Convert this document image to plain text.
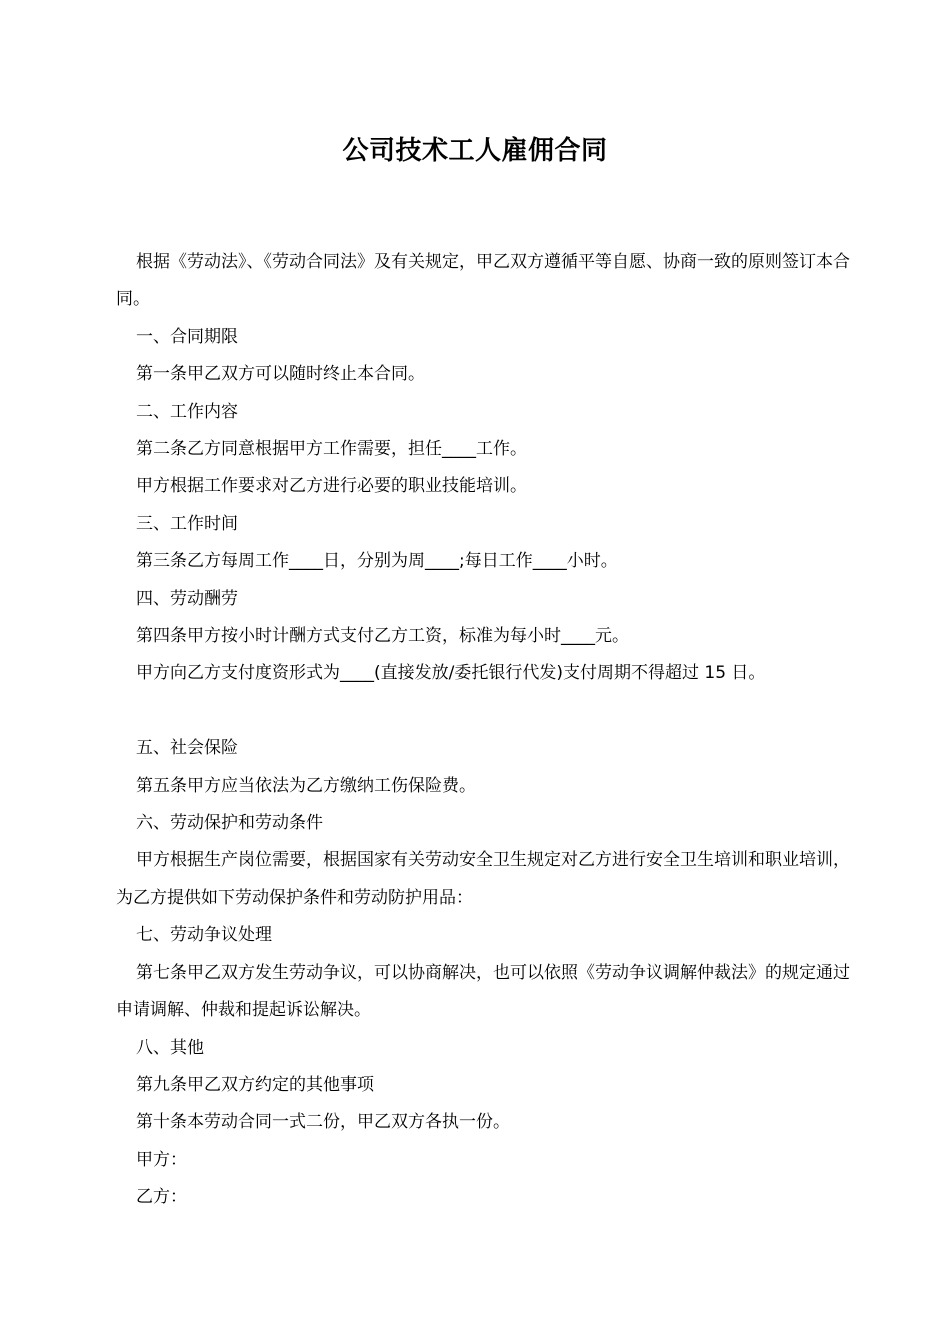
公司技术工人雇佣合同

根据《劳动法》、《劳动合同法》及有关规定，甲乙双方遵循平等自愿、协商一致的原则签订本合同。

一、合同期限

第一条甲乙双方可以随时终止本合同。

二、工作内容

第二条乙方同意根据甲方工作需要，担任____工作。

甲方根据工作要求对乙方进行必要的职业技能培训。

三、工作时间

第三条乙方每周工作____日，分别为周____;每日工作____小时。

四、劳动酬劳

第四条甲方按小时计酬方式支付乙方工资，标准为每小时____元。

甲方向乙方支付度资形式为____(直接发放/委托银行代发)支付周期不得超过 15 日。

五、社会保险

第五条甲方应当依法为乙方缴纳工伤保险费。

六、劳动保护和劳动条件

甲方根据生产岗位需要，根据国家有关劳动安全卫生规定对乙方进行安全卫生培训和职业培训，为乙方提供如下劳动保护条件和劳动防护用品：

七、劳动争议处理

第七条甲乙双方发生劳动争议，可以协商解决，也可以依照《劳动争议调解仲裁法》的规定通过申请调解、仲裁和提起诉讼解决。

八、其他

第九条甲乙双方约定的其他事项

第十条本劳动合同一式二份，甲乙双方各执一份。

甲方：

乙方：
